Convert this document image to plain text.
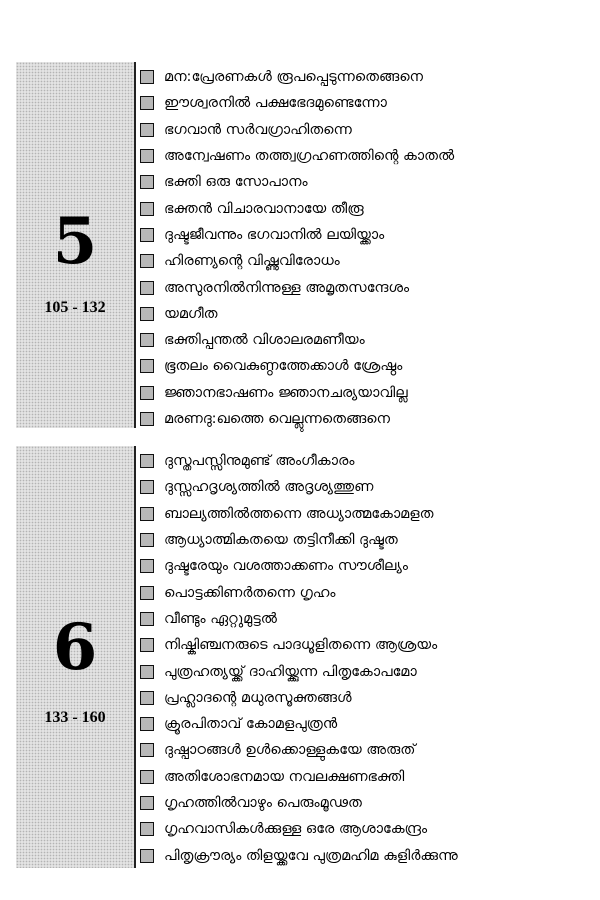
5
105 - 132
മന:പ്രേരണകൾ രൂപപ്പെടുന്നതെങ്ങനെ
ഈശ്വരനിൽ പക്ഷഭേദമുണ്ടെന്നോ
ഭഗവാൻ സർവഗ്രാഹിതന്നെ
അന്വേഷണം തത്ത്വഗ്രഹണത്തിന്റെ കാതൽ
ഭക്തി ഒരു സോപാനം
ഭക്തൻ വിചാരവാനായേ തീരൂ
ദുഷ്ടജീവന്നും ഭഗവാനിൽ ലയിയ്ക്കാം
ഹിരണ്യന്റെ വിഷ്ണുവിരോധം
അസുരനിൽനിന്നുള്ള അമൃതസന്ദേശം
യമഗീത
ഭക്തിപ്പന്തൽ വിശാലരമണീയം
ഭൂതലം വൈകുണ്ഠത്തേക്കാൾ ശ്രേഷ്ഠം
ജ്ഞാനഭാഷണം ജ്ഞാനചര്യയാവില്ല
മരണദു:ഖത്തെ വെല്ലുന്നതെങ്ങനെ
6
133 - 160
ദുസ്തപസ്സിനുമുണ്ട് അംഗീകാരം
ദുസ്സഹദൃശ്യത്തിൽ അദൃശ്യത്തുണ
ബാല്യത്തിൽത്തന്നെ അധ്യാത്മകോമളത
ആധ്യാത്മികതയെ തട്ടിനീക്കി ദുഷ്ടത
ദുഷ്ടരേയും വശത്താക്കണം സൗശീല്യം
പൊട്ടക്കിണർതന്നെ ഗൃഹം
വീണ്ടും ഏറ്റുമുട്ടൽ
നിഷ്കിഞ്ചനരുടെ പാദധൂളിതന്നെ ആശ്രയം
പുത്രഹത്യയ്ക്ക് ദാഹിയ്ക്കുന്ന പിതൃകോപമോ
പ്രഹ്ലാദന്റെ മധുരസൂക്തങ്ങൾ
ക്രൂരപിതാവ് കോമളപുത്രൻ
ദുഷ്പാഠങ്ങൾ ഉൾക്കൊള്ളുകയേ അരുത്
അതിശോഭനമായ നവലക്ഷണഭക്തി
ഗൃഹത്തിൽവാഴും പെരുംമൂഢത
ഗൃഹവാസികൾക്കുള്ള ഒരേ ആശാകേന്ദ്രം
പിതൃക്രൗര്യം തിളയ്ക്കവേ പുത്രമഹിമ കുളിർക്കുന്നു
